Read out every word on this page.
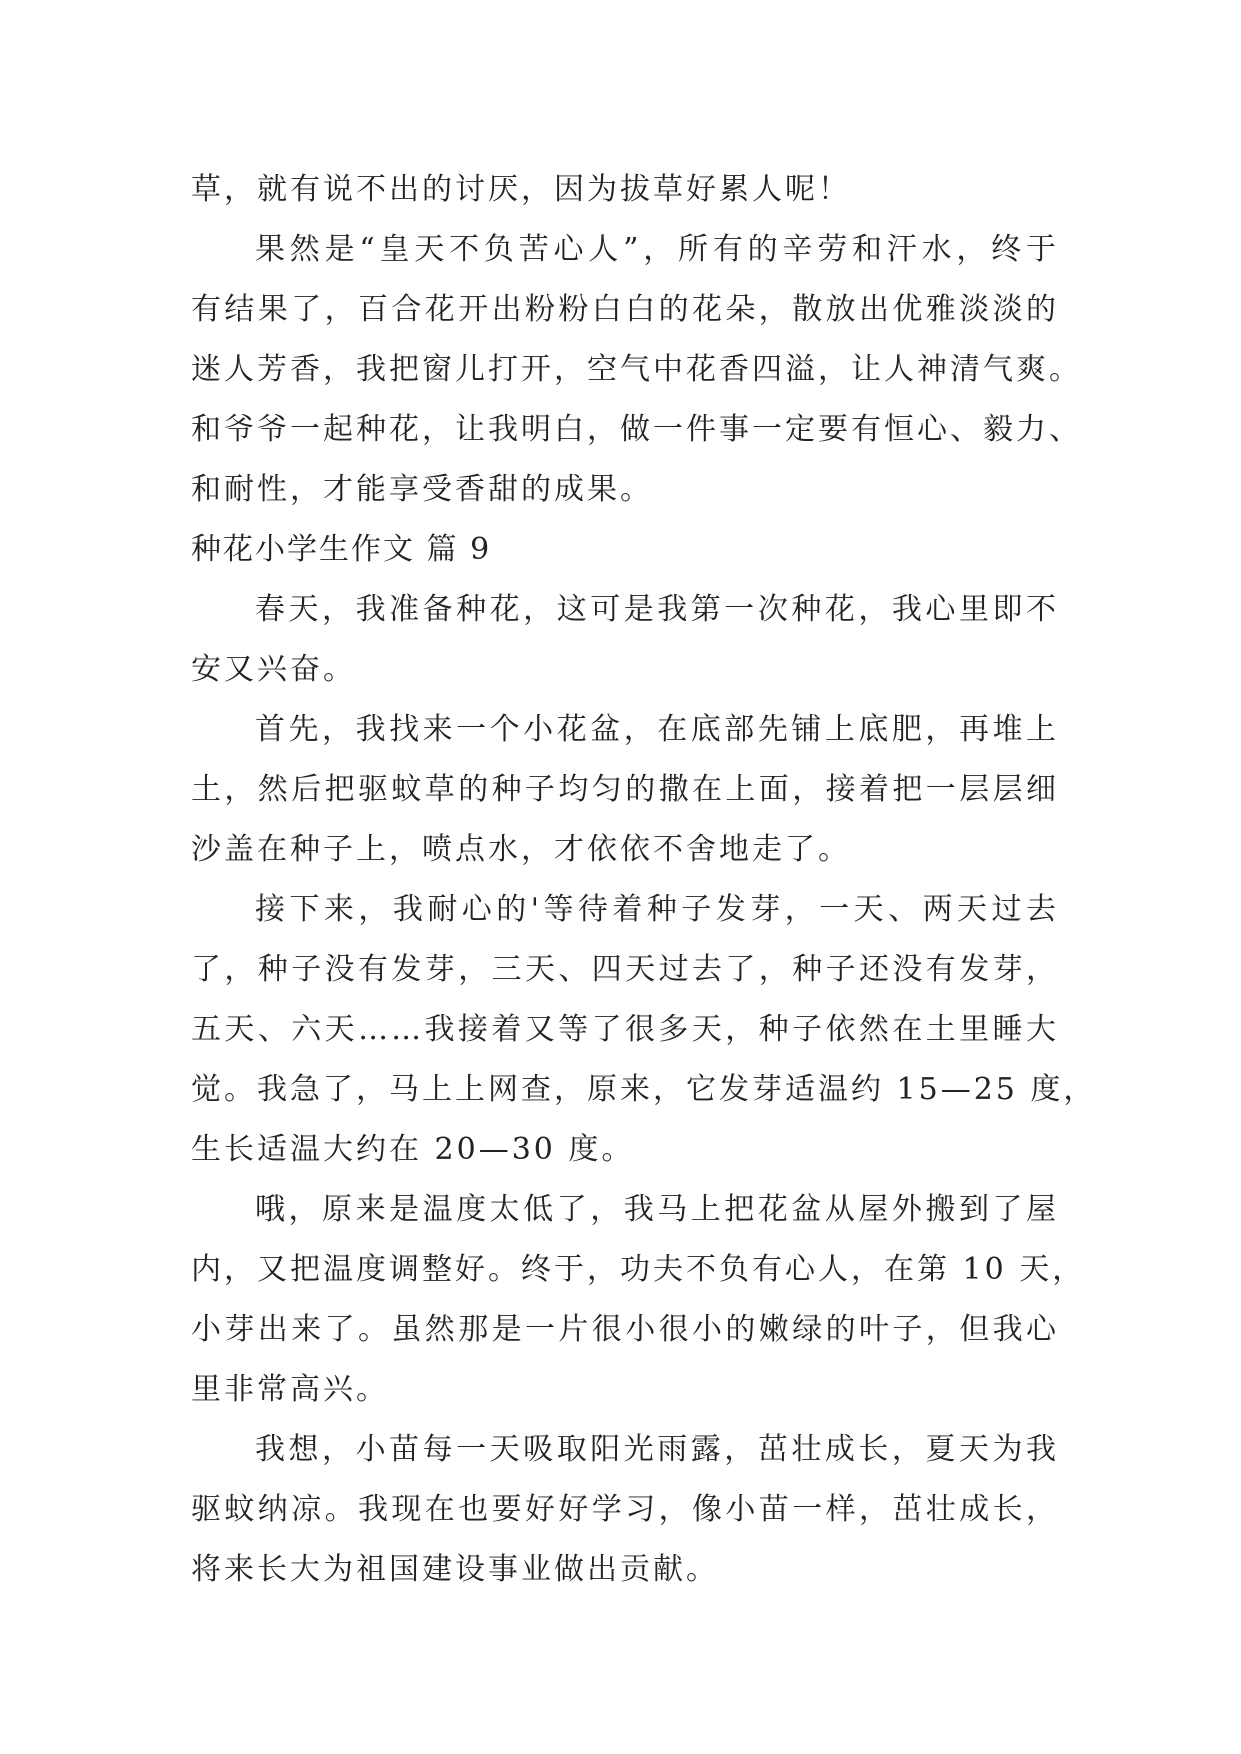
草，就有说不出的讨厌，因为拔草好累人呢！
果然是“皇天不负苦心人”，所有的辛劳和汗水，终于
有结果了，百合花开出粉粉白白的花朵，散放出优雅淡淡的
迷人芳香，我把窗儿打开，空气中花香四溢，让人神清气爽。
和爷爷一起种花，让我明白，做一件事一定要有恒心、毅力、
和耐性，才能享受香甜的成果。
种花小学生作文 篇 9
春天，我准备种花，这可是我第一次种花，我心里即不
安又兴奋。
首先，我找来一个小花盆，在底部先铺上底肥，再堆上
土，然后把驱蚊草的种子均匀的撒在上面，接着把一层层细
沙盖在种子上，喷点水，才依依不舍地走了。
接下来，我耐心的'等待着种子发芽，一天、两天过去
了，种子没有发芽，三天、四天过去了，种子还没有发芽，
五天、六天……我接着又等了很多天，种子依然在土里睡大
觉。我急了，马上上网查，原来，它发芽适温约 15—25 度，
生长适温大约在 20—30 度。
哦，原来是温度太低了，我马上把花盆从屋外搬到了屋
内，又把温度调整好。终于，功夫不负有心人，在第 10 天，
小芽出来了。虽然那是一片很小很小的嫩绿的叶子，但我心
里非常高兴。
我想，小苗每一天吸取阳光雨露，茁壮成长，夏天为我
驱蚊纳凉。我现在也要好好学习，像小苗一样，茁壮成长，
将来长大为祖国建设事业做出贡献。
